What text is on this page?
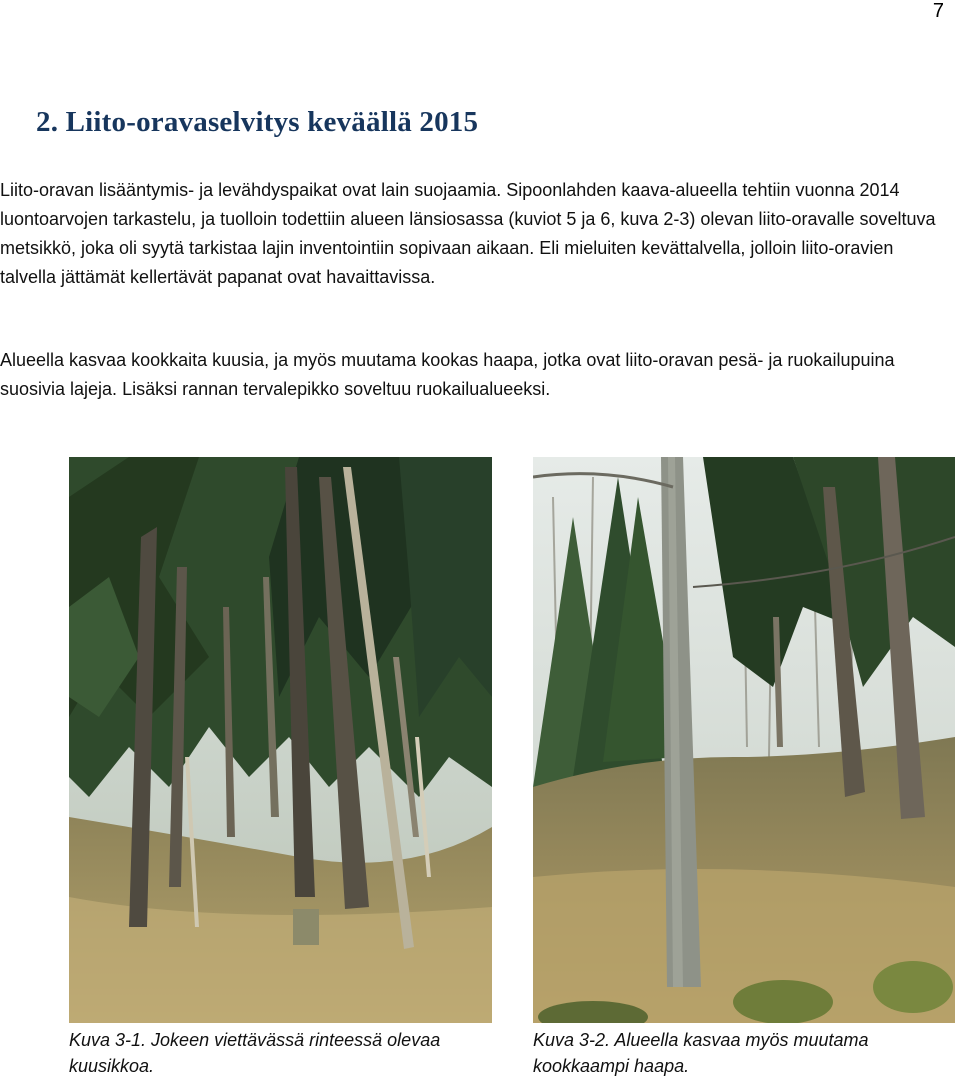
7
2. Liito-oravaselvitys keväällä 2015

Liito-oravan lisääntymis- ja levähdyspaikat ovat lain suojaamia. Sipoonlahden kaava-alueella tehtiin vuonna 2014 luontoarvojen tarkastelu, ja tuolloin todettiin alueen länsiosassa (kuviot 5 ja 6, kuva 2-3) olevan liito-oravalle soveltuva metsikkö, joka oli syytä tarkistaa lajin inventointiin sopivaan aikaan. Eli mieluiten kevättalvella, jolloin liito-oravien talvella jättämät kellertävät papanat ovat havaittavissa.

Alueella kasvaa kookkaita kuusia, ja myös muutama kookas haapa, jotka ovat liito-oravan pesä- ja ruokailupuina suosivia lajeja. Lisäksi rannan tervalepikko soveltuu ruokailualueeksi.

Kuva 3-1. Jokeen viettävässä rinteessä olevaa kuusikkoa.

Kuva 3-2. Alueella kasvaa myös muutama kookkaampi haapa.
